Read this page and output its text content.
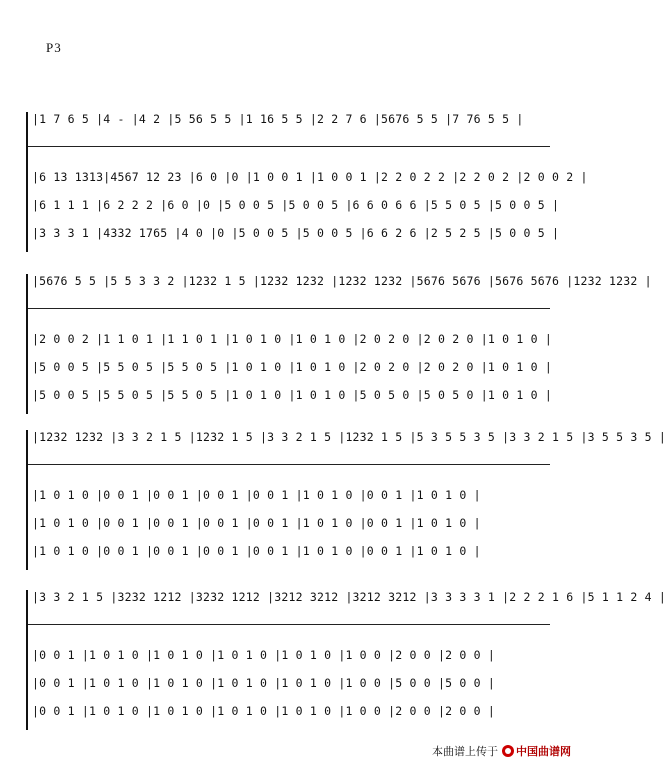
P3
|1 7 6 5 |4 - |4 2 |5 56 5 5 |1 16 5 5 |2 2 7 6 |5676 5 5 |7 76 5 5 |
|6 13 1313|4567 12 23 |6 0 |0 |1 0 0 1 |1 0 0 1 |2 2 0 2 2 |2 2 0 2 |2 0 0 2 |
|6 1 1 1 |6 2 2 2 |6 0 |0 |5 0 0 5 |5 0 0 5 |6 6 0 6 6 |5 5 0 5 |5 0 0 5 |
|3 3 3 1 |4332 1765 |4 0 |0 |5 0 0 5 |5 0 0 5 |6 6 2 6 |2 5 2 5 |5 0 0 5 |
|5676 5 5 |5 5 3 3 2 |1232 1 5 |1232 1232 |1232 1232 |5676 5676 |5676 5676 |1232 1232 |
|2 0 0 2 |1 1 0 1 |1 1 0 1 |1 0 1 0 |1 0 1 0 |2 0 2 0 |2 0 2 0 |1 0 1 0 |
|5 0 0 5 |5 5 0 5 |5 5 0 5 |1 0 1 0 |1 0 1 0 |2 0 2 0 |2 0 2 0 |1 0 1 0 |
|5 0 0 5 |5 5 0 5 |5 5 0 5 |1 0 1 0 |1 0 1 0 |5 0 5 0 |5 0 5 0 |1 0 1 0 |
|1232 1232 |3 3 2 1 5 |1232 1 5 |3 3 2 1 5 |1232 1 5 |5 3 5 5 3 5 |3 3 2 1 5 |3 5 5 3 5 |
|1 0 1 0 |0 0 1 |0 0 1 |0 0 1 |0 0 1 |1 0 1 0 |0 0 1 |1 0 1 0 |
|1 0 1 0 |0 0 1 |0 0 1 |0 0 1 |0 0 1 |1 0 1 0 |0 0 1 |1 0 1 0 |
|1 0 1 0 |0 0 1 |0 0 1 |0 0 1 |0 0 1 |1 0 1 0 |0 0 1 |1 0 1 0 |
|3 3 2 1 5 |3232 1212 |3232 1212 |3212 3212 |3212 3212 |3 3 3 3 1 |2 2 2 1 6 |5 1 1 2 4 |
|0 0 1 |1 0 1 0 |1 0 1 0 |1 0 1 0 |1 0 1 0 |1 0 0 |2 0 0 |2 0 0 |
|0 0 1 |1 0 1 0 |1 0 1 0 |1 0 1 0 |1 0 1 0 |1 0 0 |5 0 0 |5 0 0 |
|0 0 1 |1 0 1 0 |1 0 1 0 |1 0 1 0 |1 0 1 0 |1 0 0 |2 0 0 |2 0 0 |
本曲谱上传于 中国曲谱网
